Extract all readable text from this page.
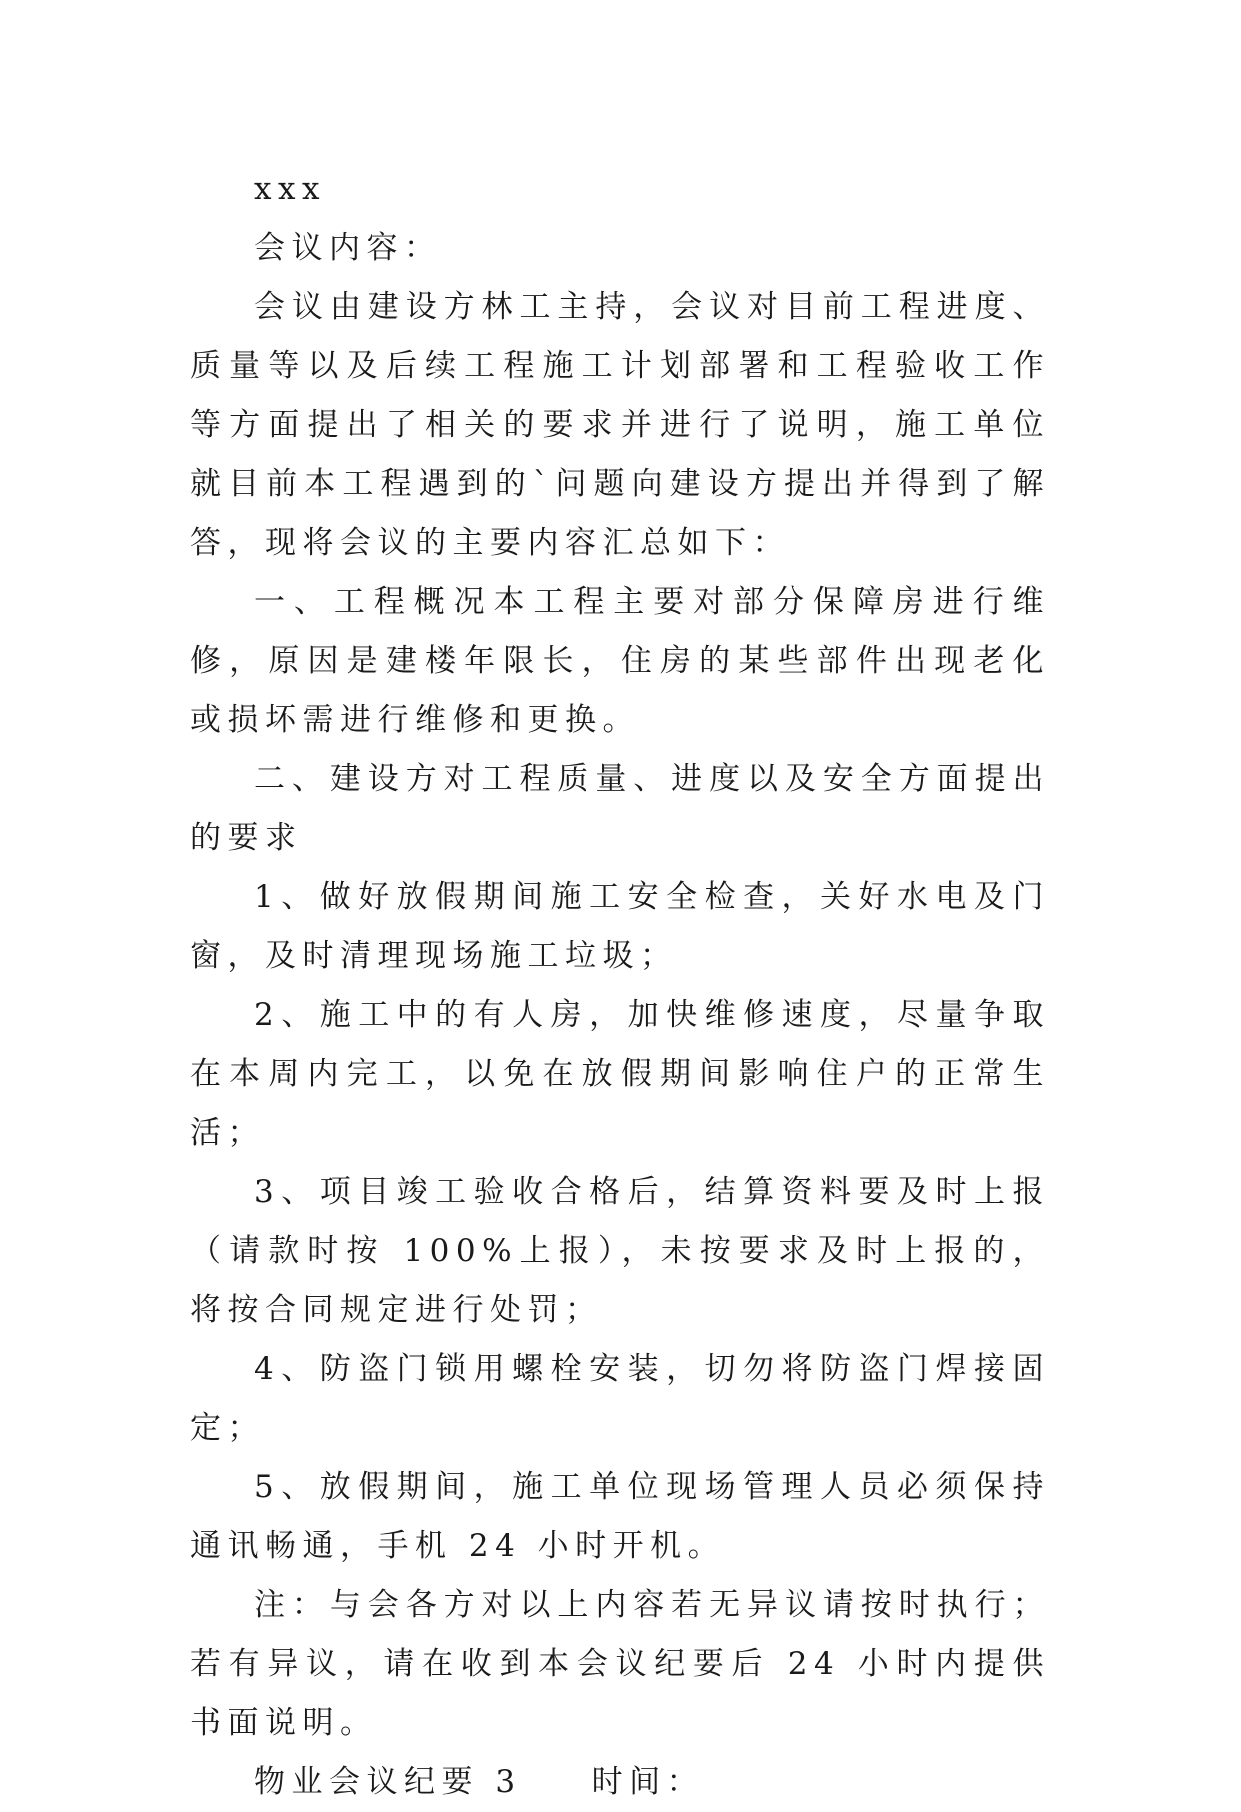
xxx

会议内容：

会议由建设方林工主持，会议对目前工程进度、质量等以及后续工程施工计划部署和工程验收工作等方面提出了相关的要求并进行了说明，施工单位就目前本工程遇到的`问题向建设方提出并得到了解答，现将会议的主要内容汇总如下：

一、工程概况本工程主要对部分保障房进行维修，原因是建楼年限长，住房的某些部件出现老化或损坏需进行维修和更换。

二、建设方对工程质量、进度以及安全方面提出的要求

1、做好放假期间施工安全检查，关好水电及门窗，及时清理现场施工垃圾；

2、施工中的有人房，加快维修速度，尽量争取在本周内完工，以免在放假期间影响住户的正常生活；

3、项目竣工验收合格后，结算资料要及时上报（请款时按 100%上报），未按要求及时上报的，将按合同规定进行处罚；

4、防盗门锁用螺栓安装，切勿将防盗门焊接固定；

5、放假期间，施工单位现场管理人员必须保持通讯畅通，手机 24 小时开机。

注：与会各方对以上内容若无异议请按时执行；若有异议，请在收到本会议纪要后 24 小时内提供书面说明。

物业会议纪要 3 时间：
